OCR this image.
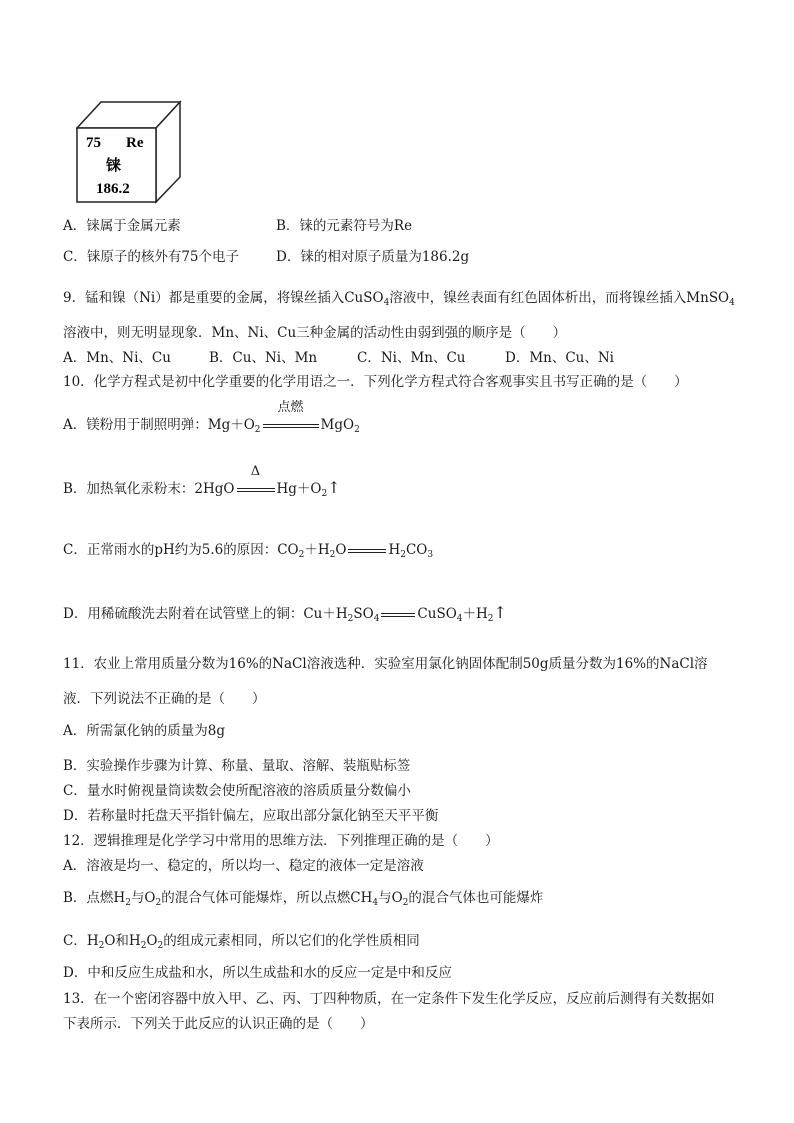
75 Re
铼
186.2
A．铼属于金属元素	B．铼的元素符号为Re
C．铼原子的核外有75个电子	D．铼的相对原子质量为186.2g
9．锰和镍（Ni）都是重要的金属，将镍丝插入CuSO$_4$溶液中，镍丝表面有红色固体析出，而将镍丝插入MnSO$_4$
溶液中，则无明显现象．Mn、Ni、Cu三种金属的活动性由弱到强的顺序是（　　）
A．Mn、Ni、Cu	B．Cu、Ni、Mn	C．Ni、Mn、Cu	D．Mn、Cu、Ni
10．化学方程式是初中化学重要的化学用语之一．下列化学方程式符合客观事实且书写正确的是（　　）
A．镁粉用于制照明弹：$Mg+O_2$
点燃
MgO$_2$
B．加热氧化汞粉末：2HgO
Δ
$Hg+O_2↑$
C．正常雨水的pH约为5.6的原因：$CO_2+H_2O$	$H_2CO_3$
D．用稀硫酸洗去附着在试管壁上的铜：$Cu+H_2SO_4$	$CuSO_4+H_2↑$
11．农业上常用质量分数为16%的NaCl溶液选种．实验室用氯化钠固体配制50g质量分数为16%的NaCl溶
液．下列说法不正确的是（　　）
A．所需氯化钠的质量为8g
B．实验操作步骤为计算、称量、量取、溶解、装瓶贴标签
C．量水时俯视量筒读数会使所配溶液的溶质质量分数偏小
D．若称量时托盘天平指针偏左，应取出部分氯化钠至天平平衡
12．逻辑推理是化学学习中常用的思维方法．下列推理正确的是（　　）
A．溶液是均一、稳定的，所以均一、稳定的液体一定是溶液
B．点燃$H_2$与$O_2$的混合气体可能爆炸，所以点燃$CH_4$与$O_2$的混合气体也可能爆炸
C．$H_2O$和$H_2O_2$的组成元素相同，所以它们的化学性质相同
D．中和反应生成盐和水，所以生成盐和水的反应一定是中和反应
13．在一个密闭容器中放入甲、乙、丙、丁四种物质，在一定条件下发生化学反应，反应前后测得有关数据如
下表所示．下列关于此反应的认识正确的是（　　）
